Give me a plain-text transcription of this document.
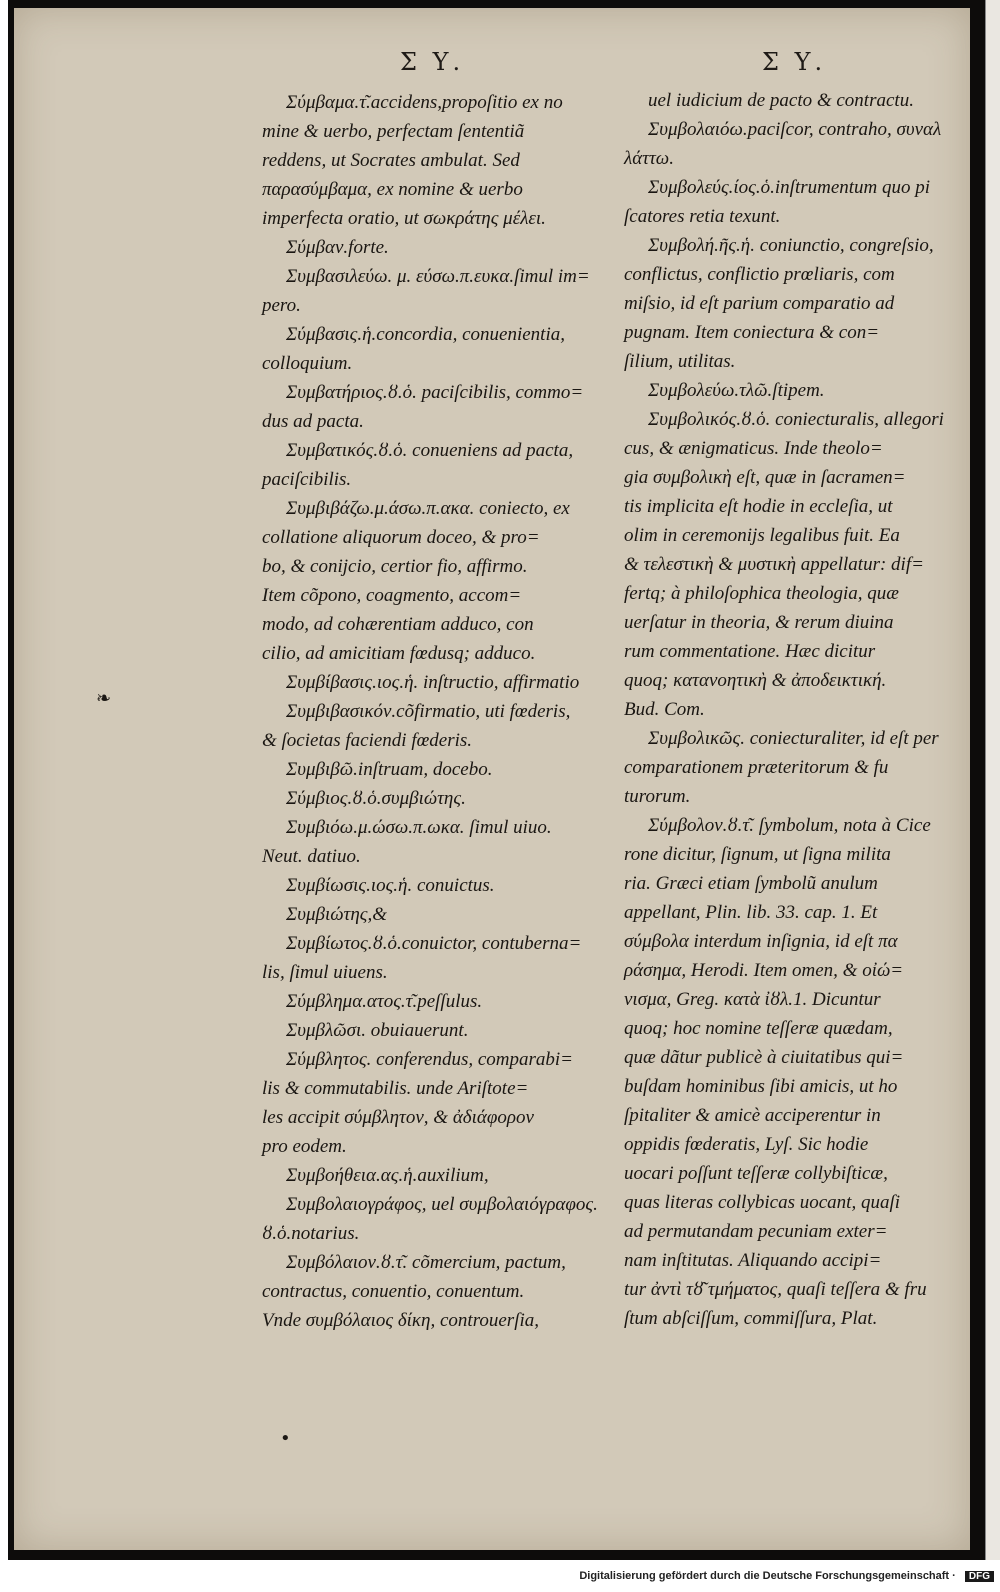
Σ Υ.	Σ Υ.
Σύμβαμα.τ͂.accidens,propoſitio ex no
mine & uerbo, perfectam ſententiã
reddens, ut Socrates ambulat. Sed
παρασύμβαμα, ex nomine & uerbo
imperfecta oratio, ut σωκράτης μέλει.
Σύμβαν.forte.
Συμβασιλεύω. μ. εύσω.π.ευκα.ſimul im=
pero.
Σύμβασις.ἡ.concordia, conuenientia,
colloquium.
Συμβατήριος.ȣ.ὁ. paciſcibilis, commo=
dus ad pacta.
Συμβατικός.ȣ.ὁ. conueniens ad pacta,
paciſcibilis.
Συμβιβάζω.μ.άσω.π.ακα. coniecto, ex
collatione aliquorum doceo, & pro=
bo, & conijcio, certior fio, affirmo.
Item cõpono, coagmento, accom=
modo, ad cohærentiam adduco, con
cilio, ad amicitiam fœdusq; adduco.
Συμβίβασις.ιος.ἡ. inſtructio, affirmatio
Συμβιβασικόν.cõfirmatio, uti fœderis,
& ſocietas faciendi fœderis.
Συμβιβῶ.inſtruam, docebo.
Σύμβιος.ȣ.ὁ.συμβιώτης.
Συμβιόω.μ.ώσω.π.ωκα. ſimul uiuo.
Neut. datiuo.
Συμβίωσις.ιος.ἡ. conuictus.
Συμβιώτης,&
Συμβίωτος.ȣ.ὁ.conuictor, contuberna=
lis, ſimul uiuens.
Σύμβλημα.ατος.τ͂.peſſulus.
Συμβλῶσι. obuiauerunt.
Σύμβλητος. conferendus, comparabi=
lis & commutabilis. unde Ariſtote=
les accipit σύμβλητον, & ἀδιάφορον
pro eodem.
Συμβοήθεια.ας.ἡ.auxilium,
Συμβολαιογράφος, uel συμβολαιόγραφος.
ȣ.ὁ.notarius.
Συμβόλαιον.ȣ.τ͂. cõmercium, pactum,
contractus, conuentio, conuentum.
Vnde συμβόλαιος δίκη, controuerſia,
uel iudicium de pacto & contractu.
Συμβολαιόω.paciſcor, contraho, συναλ
λάττω.
Συμβολεύς.ίος.ὁ.inſtrumentum quo pi
ſcatores retia texunt.
Συμβολή.ῆς.ἡ. coniunctio, congreſsio,
conflictus, conflictio prœliaris, com
miſsio, id eſt parium comparatio ad
pugnam. Item coniectura & con=
ſilium, utilitas.
Συμβολεύω.τλῶ.ſtipem.
Συμβολικός.ȣ.ὁ. coniecturalis, allegori
cus, & ænigmaticus. Inde theolo=
gia συμβολικὴ eſt, quæ in ſacramen=
tis implicita eſt hodie in eccleſia, ut
olim in ceremonijs legalibus fuit. Ea
& τελεστικὴ & μυστικὴ appellatur: dif=
fertq; à philoſophica theologia, quæ
uerſatur in theoria, & rerum diuina
rum commentatione. Hæc dicitur
quoq; κατανοητικὴ & ἀποδεικτική.
Bud. Com.
Συμβολικῶς. coniecturaliter, id eſt per
comparationem præteritorum & fu
turorum.
Σύμβολον.ȣ.τ͂. ſymbolum, nota à Cice
rone dicitur, ſignum, ut ſigna milita
ria. Græci etiam ſymbolũ anulum
appellant, Plin. lib. 33. cap. 1. Et
σύμβολα interdum inſignia, id eſt πα
ράσημα, Herodi. Item omen, & οἰώ=
νισμα, Greg. κατὰ ἰȣλ.1. Dicuntur
quoq; hoc nomine teſſeræ quædam,
quæ dãtur publicè à ciuitatibus qui=
buſdam hominibus ſibi amicis, ut ho
ſpitaliter & amicè acciperentur in
oppidis fœderatis, Lyſ. Sic hodie
uocari poſſunt teſſeræ collybiſticæ,
quas literas collybicas uocant, quaſi
ad permutandam pecuniam exter=
nam inſtitutas. Aliquando accipi=
tur ἀντὶ τȣ͂ τμήματος, quaſi teſſera & fru
ſtum abſciſſum, commiſſura, Plat.
❧
•
Digitalisierung gefördert durch die Deutsche Forschungsgemeinschaft · DFG
